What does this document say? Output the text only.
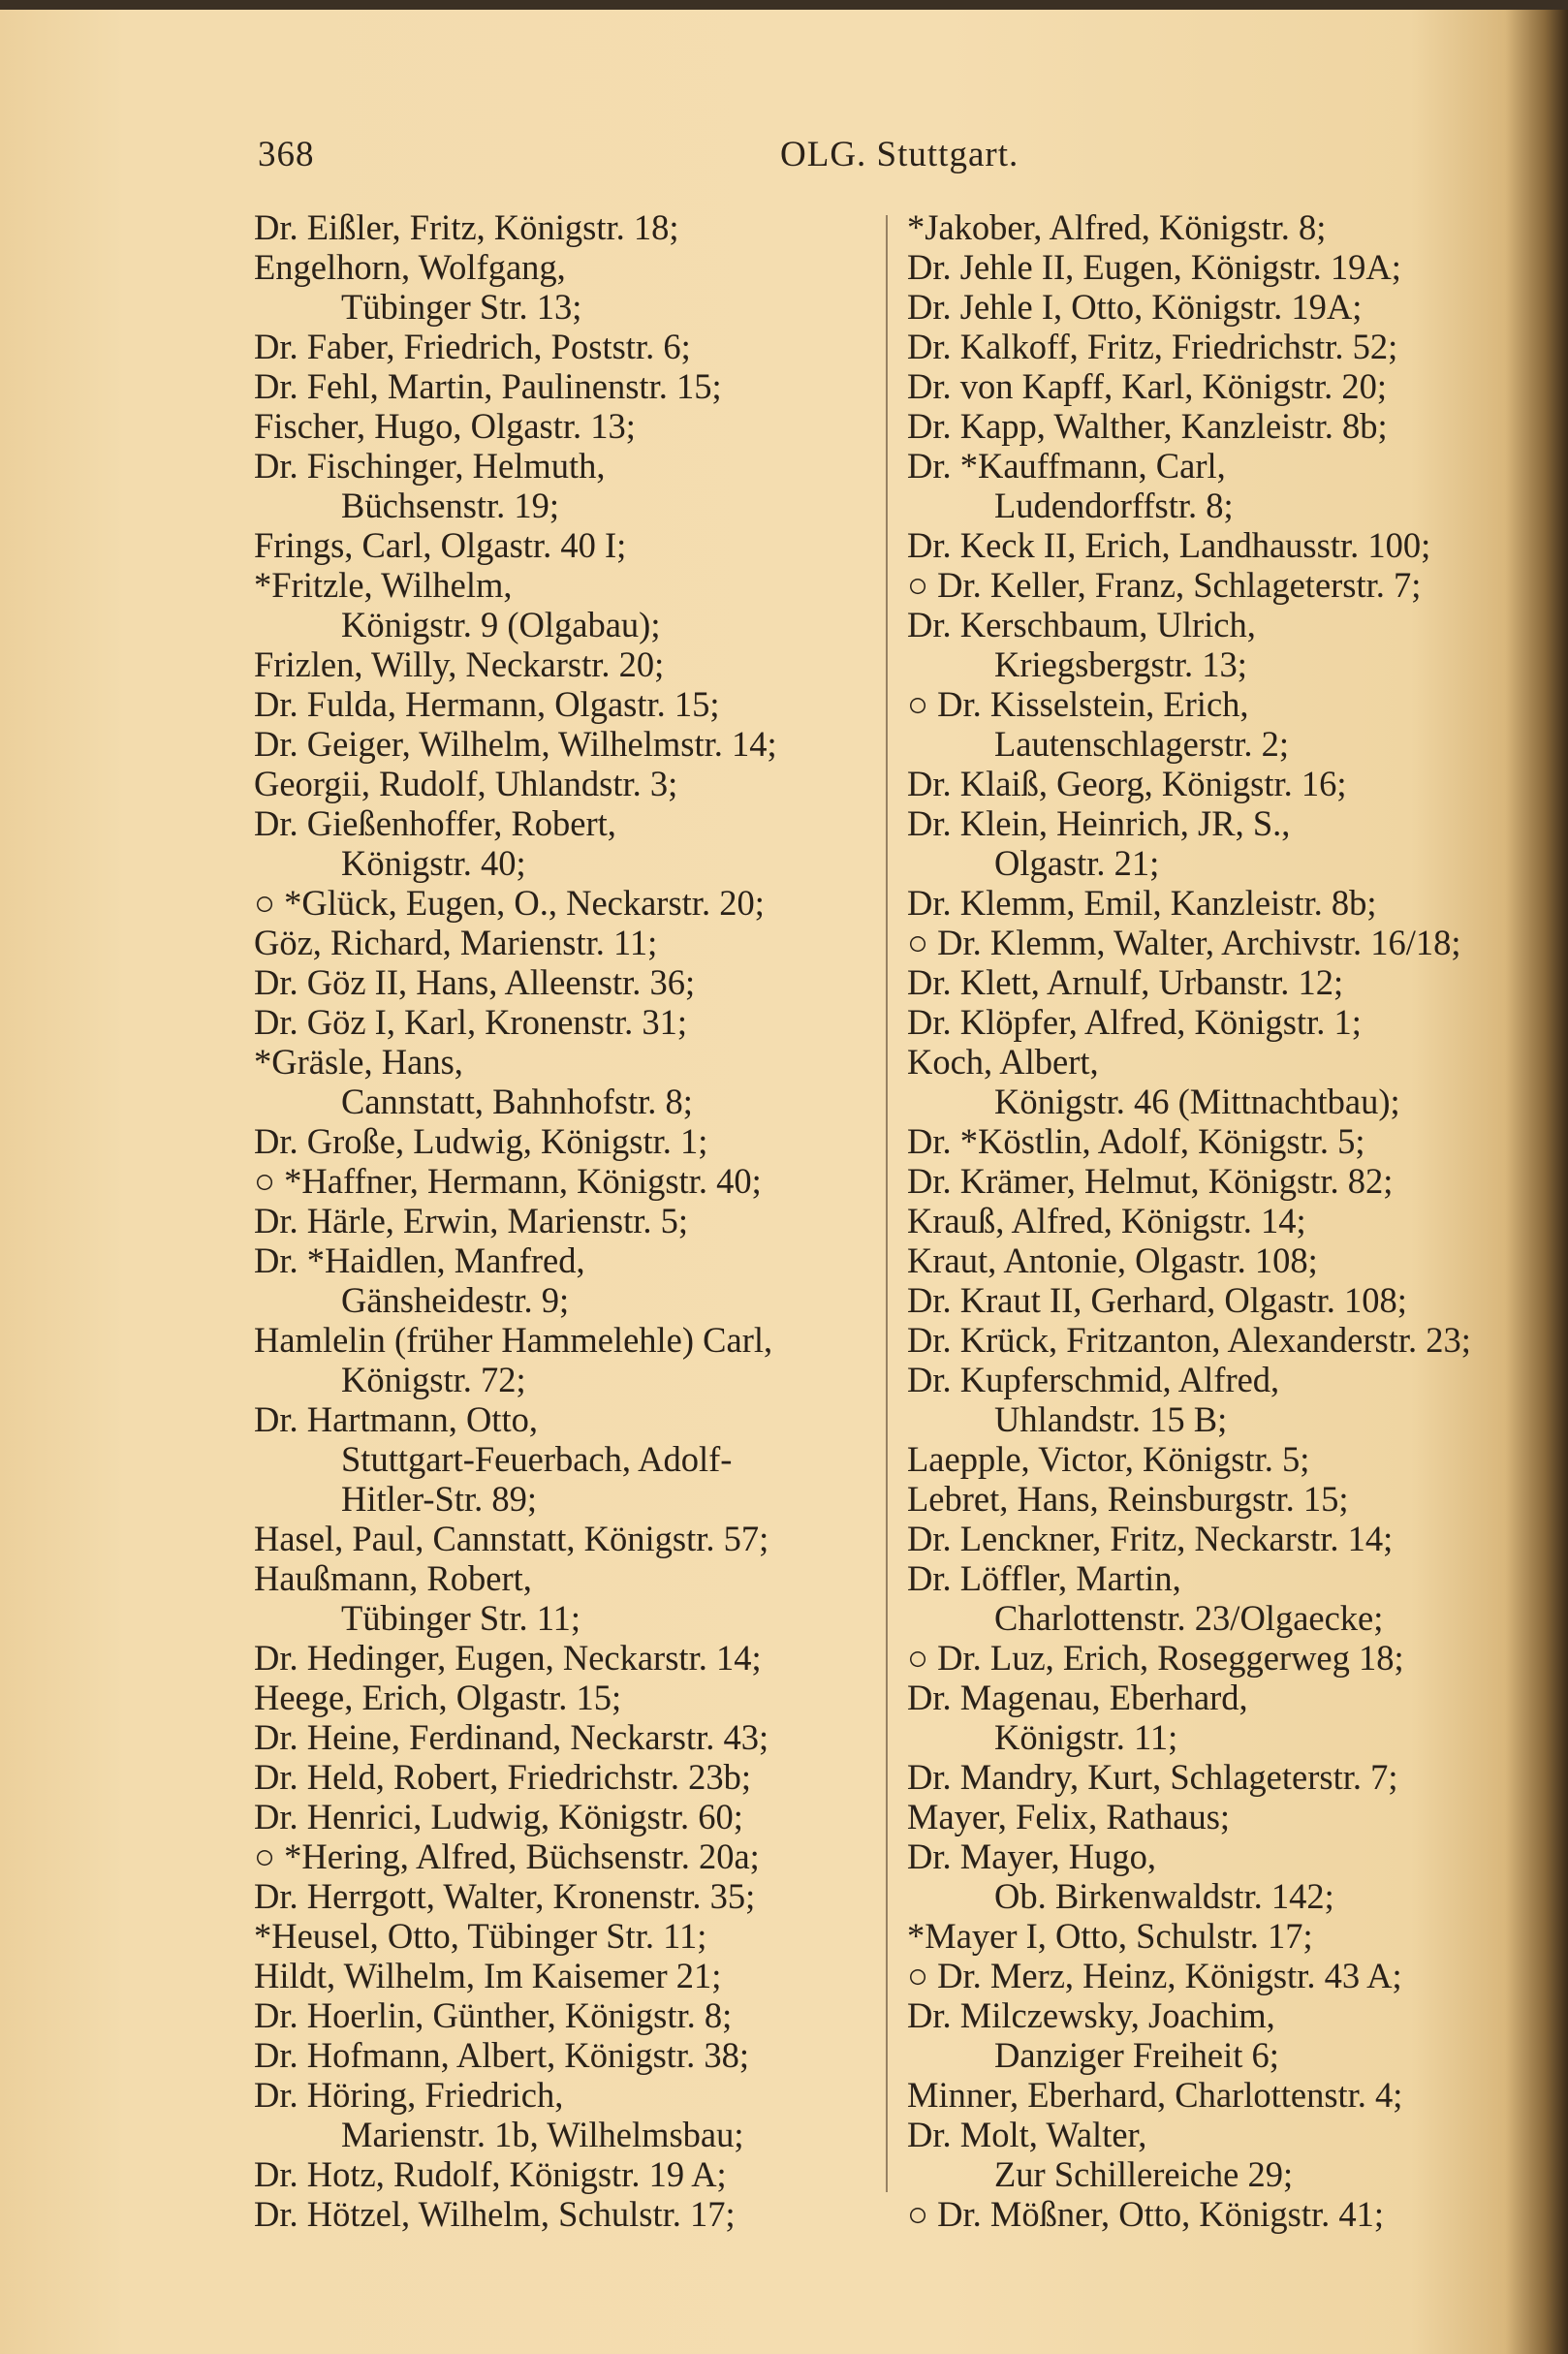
368	OLG. Stuttgart.
Dr. Eißler, Fritz, Königstr. 18;
Engelhorn, Wolfgang,
Tübinger Str. 13;
Dr. Faber, Friedrich, Poststr. 6;
Dr. Fehl, Martin, Paulinenstr. 15;
Fischer, Hugo, Olgastr. 13;
Dr. Fischinger, Helmuth,
Büchsenstr. 19;
Frings, Carl, Olgastr. 40 I;
*Fritzle, Wilhelm,
Königstr. 9 (Olgabau);
Frizlen, Willy, Neckarstr. 20;
Dr. Fulda, Hermann, Olgastr. 15;
Dr. Geiger, Wilhelm, Wilhelmstr. 14;
Georgii, Rudolf, Uhlandstr. 3;
Dr. Gießenhoffer, Robert,
Königstr. 40;
○ *Glück, Eugen, O., Neckarstr. 20;
Göz, Richard, Marienstr. 11;
Dr. Göz II, Hans, Alleenstr. 36;
Dr. Göz I, Karl, Kronenstr. 31;
*Gräsle, Hans,
Cannstatt, Bahnhofstr. 8;
Dr. Große, Ludwig, Königstr. 1;
○ *Haffner, Hermann, Königstr. 40;
Dr. Härle, Erwin, Marienstr. 5;
Dr. *Haidlen, Manfred,
Gänsheidestr. 9;
Hamlelin (früher Hammelehle) Carl,
Königstr. 72;
Dr. Hartmann, Otto,
Stuttgart-Feuerbach, Adolf-
Hitler-Str. 89;
Hasel, Paul, Cannstatt, Königstr. 57;
Haußmann, Robert,
Tübinger Str. 11;
Dr. Hedinger, Eugen, Neckarstr. 14;
Heege, Erich, Olgastr. 15;
Dr. Heine, Ferdinand, Neckarstr. 43;
Dr. Held, Robert, Friedrichstr. 23b;
Dr. Henrici, Ludwig, Königstr. 60;
○ *Hering, Alfred, Büchsenstr. 20a;
Dr. Herrgott, Walter, Kronenstr. 35;
*Heusel, Otto, Tübinger Str. 11;
Hildt, Wilhelm, Im Kaisemer 21;
Dr. Hoerlin, Günther, Königstr. 8;
Dr. Hofmann, Albert, Königstr. 38;
Dr. Höring, Friedrich,
Marienstr. 1b, Wilhelmsbau;
Dr. Hotz, Rudolf, Königstr. 19 A;
Dr. Hötzel, Wilhelm, Schulstr. 17;
*Jakober, Alfred, Königstr. 8;
Dr. Jehle II, Eugen, Königstr. 19A;
Dr. Jehle I, Otto, Königstr. 19A;
Dr. Kalkoff, Fritz, Friedrichstr. 52;
Dr. von Kapff, Karl, Königstr. 20;
Dr. Kapp, Walther, Kanzleistr. 8b;
Dr. *Kauffmann, Carl,
Ludendorffstr. 8;
Dr. Keck II, Erich, Landhausstr. 100;
○ Dr. Keller, Franz, Schlageterstr. 7;
Dr. Kerschbaum, Ulrich,
Kriegsbergstr. 13;
○ Dr. Kisselstein, Erich,
Lautenschlagerstr. 2;
Dr. Klaiß, Georg, Königstr. 16;
Dr. Klein, Heinrich, JR, S.,
Olgastr. 21;
Dr. Klemm, Emil, Kanzleistr. 8b;
○ Dr. Klemm, Walter, Archivstr. 16/18;
Dr. Klett, Arnulf, Urbanstr. 12;
Dr. Klöpfer, Alfred, Königstr. 1;
Koch, Albert,
Königstr. 46 (Mittnachtbau);
Dr. *Köstlin, Adolf, Königstr. 5;
Dr. Krämer, Helmut, Königstr. 82;
Krauß, Alfred, Königstr. 14;
Kraut, Antonie, Olgastr. 108;
Dr. Kraut II, Gerhard, Olgastr. 108;
Dr. Krück, Fritzanton, Alexanderstr. 23;
Dr. Kupferschmid, Alfred,
Uhlandstr. 15 B;
Laepple, Victor, Königstr. 5;
Lebret, Hans, Reinsburgstr. 15;
Dr. Lenckner, Fritz, Neckarstr. 14;
Dr. Löffler, Martin,
Charlottenstr. 23/Olgaecke;
○ Dr. Luz, Erich, Roseggerweg 18;
Dr. Magenau, Eberhard,
Königstr. 11;
Dr. Mandry, Kurt, Schlageterstr. 7;
Mayer, Felix, Rathaus;
Dr. Mayer, Hugo,
Ob. Birkenwaldstr. 142;
*Mayer I, Otto, Schulstr. 17;
○ Dr. Merz, Heinz, Königstr. 43 A;
Dr. Milczewsky, Joachim,
Danziger Freiheit 6;
Minner, Eberhard, Charlottenstr. 4;
Dr. Molt, Walter,
Zur Schillereiche 29;
○ Dr. Mößner, Otto, Königstr. 41;
